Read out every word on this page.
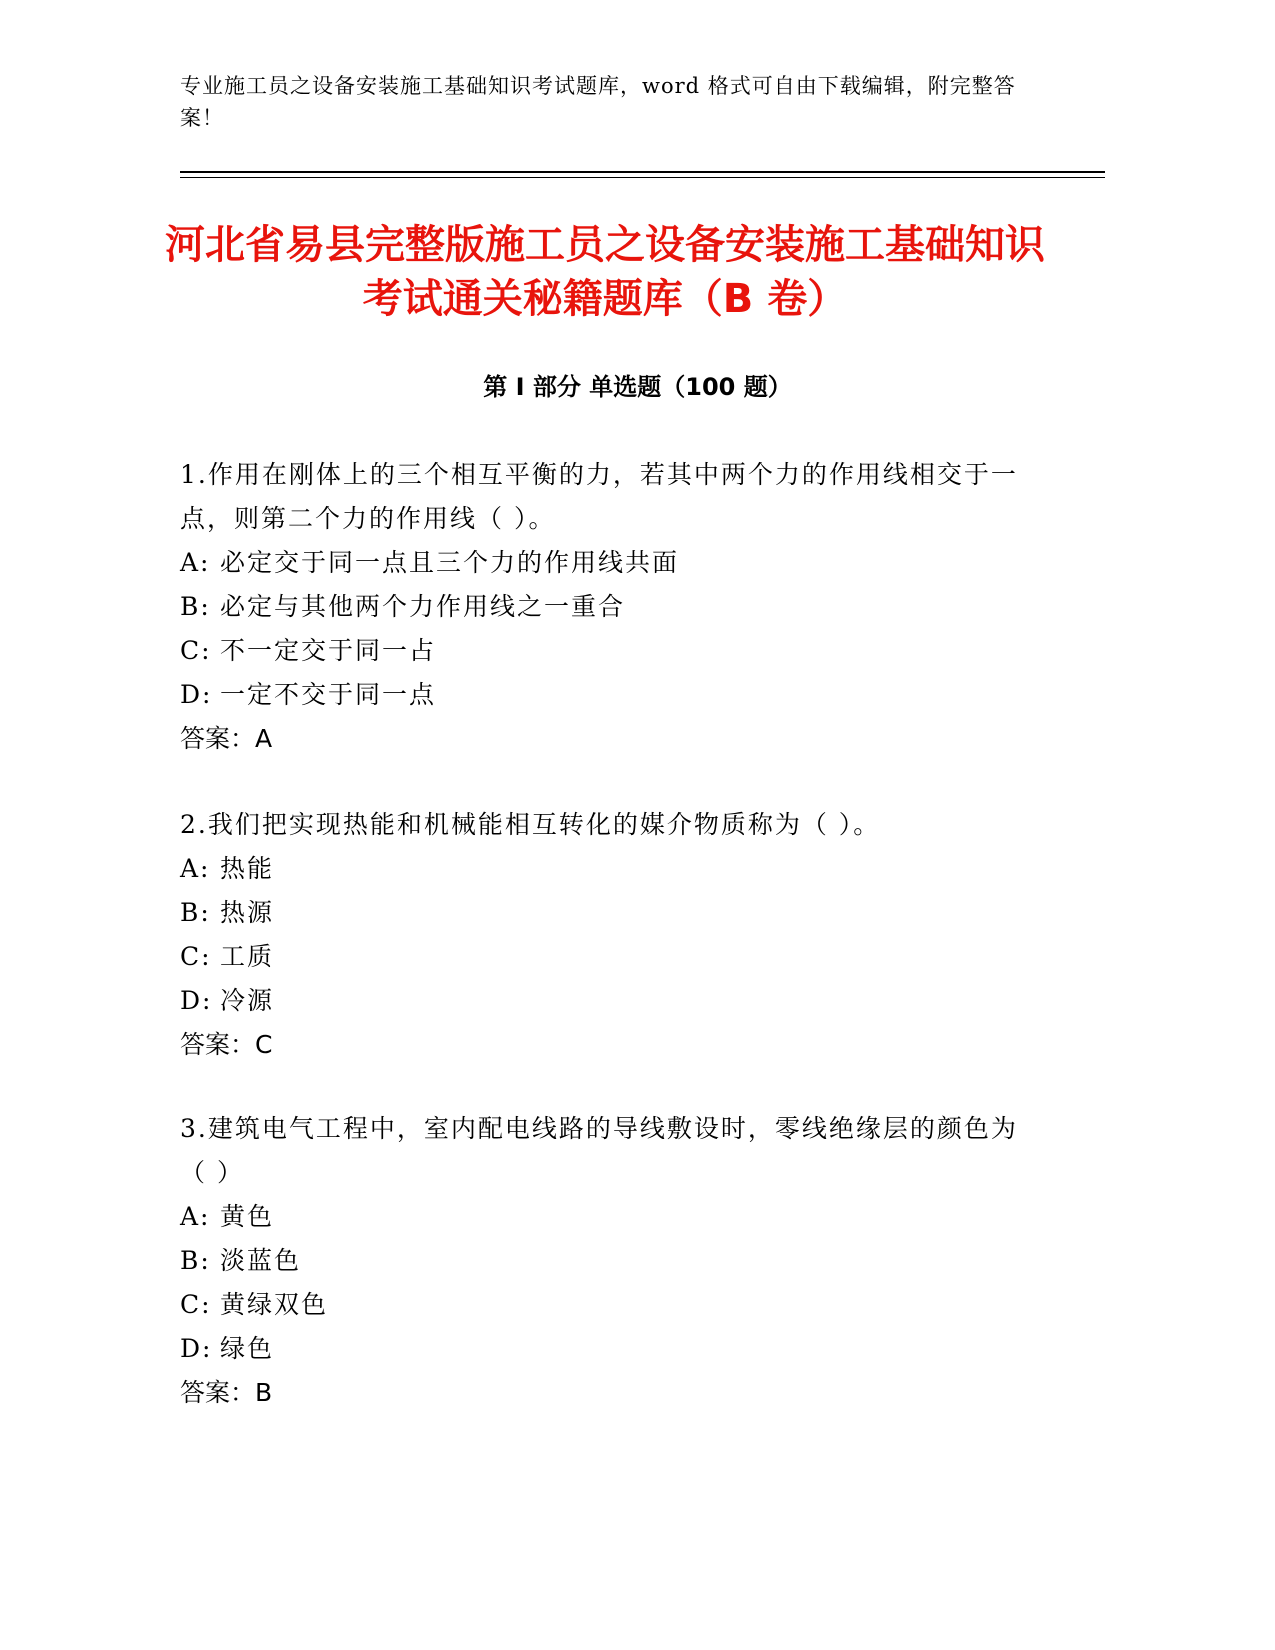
专业施工员之设备安装施工基础知识考试题库，word 格式可自由下载编辑，附完整答案！
河北省易县完整版施工员之设备安装施工基础知识考试通关秘籍题库（B 卷）
第 I 部分 单选题（100 题）

1.作用在刚体上的三个相互平衡的力，若其中两个力的作用线相交于一点，则第二个力的作用线（ ）。

A: 必定交于同一点且三个力的作用线共面
B: 必定与其他两个力作用线之一重合
C: 不一定交于同一占
D: 一定不交于同一点
答案：A

2.我们把实现热能和机械能相互转化的媒介物质称为（ ）。

A: 热能
B: 热源
C: 工质
D: 冷源
答案：C

3.建筑电气工程中，室内配电线路的导线敷设时，零线绝缘层的颜色为（ ）

A: 黄色
B: 淡蓝色
C: 黄绿双色
D: 绿色
答案：B
